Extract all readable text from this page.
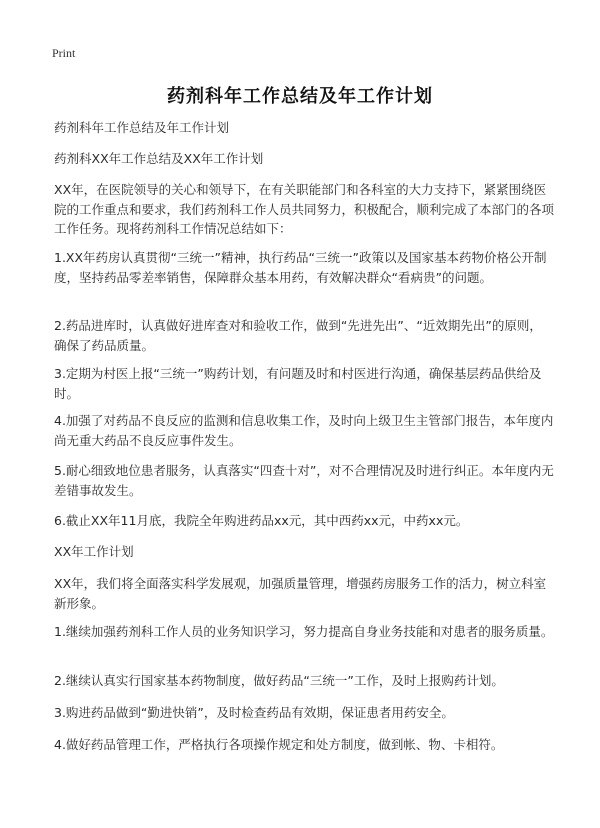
Print
药剂科年工作总结及年工作计划
药剂科年工作总结及年工作计划
药剂科XX年工作总结及XX年工作计划
XX年，在医院领导的关心和领导下，在有关职能部门和各科室的大力支持下，紧紧围绕医院的工作重点和要求，我们药剂科工作人员共同努力，积极配合，顺利完成了本部门的各项工作任务。现将药剂科工作情况总结如下：
1.XX年药房认真贯彻“三统一”精神，执行药品“三统一”政策以及国家基本药物价格公开制度，坚持药品零差率销售，保障群众基本用药，有效解决群众“看病贵”的问题。
2.药品进库时，认真做好进库查对和验收工作，做到“先进先出”、“近效期先出”的原则，确保了药品质量。
3.定期为村医上报“三统一”购药计划，有问题及时和村医进行沟通，确保基层药品供给及时。
4.加强了对药品不良反应的监测和信息收集工作，及时向上级卫生主管部门报告，本年度内尚无重大药品不良反应事件发生。
5.耐心细致地位患者服务，认真落实“四查十对”，对不合理情况及时进行纠正。本年度内无差错事故发生。
6.截止XX年11月底，我院全年购进药品xx元，其中西药xx元，中药xx元。
XX年工作计划
XX年，我们将全面落实科学发展观，加强质量管理，增强药房服务工作的活力，树立科室新形象。
1.继续加强药剂科工作人员的业务知识学习，努力提高自身业务技能和对患者的服务质量。
2.继续认真实行国家基本药物制度，做好药品“三统一”工作，及时上报购药计划。
3.购进药品做到“勤进快销”，及时检查药品有效期，保证患者用药安全。
4.做好药品管理工作，严格执行各项操作规定和处方制度，做到帐、物、卡相符。
